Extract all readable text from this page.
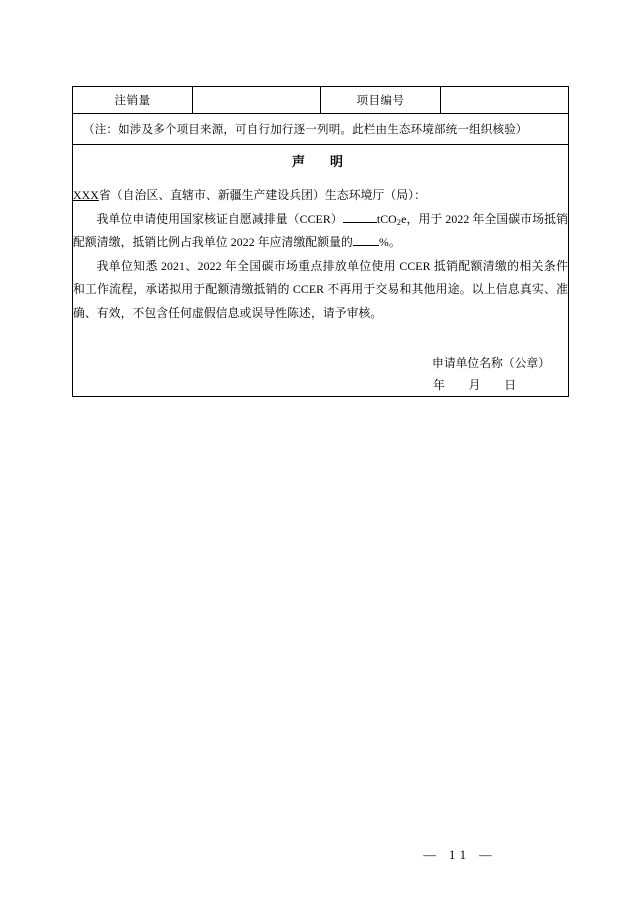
注销量		项目编号	
（注：如涉及多个项目来源，可自行加行逐一列明。此栏由生态环境部统一组织核验）

声　明
XXX省（自治区、直辖市、新疆生产建设兵团）生态环境厅（局）：

我单位申请使用国家核证自愿减排量（CCER）	tCO$_2$e，用于 2022 年全国碳市场抵销配额清缴，抵销比例占我单位 2022 年应清缴配额量的 %。

我单位知悉 2021、2022 年全国碳市场重点排放单位使用 CCER 抵销配额清缴的相关条件和工作流程，承诺拟用于配额清缴抵销的 CCER 不再用于交易和其他用途。以上信息真实、准确、有效，不包含任何虚假信息或误导性陈述，请予审核。

申请单位名称（公章）
年　月　日
— 11 —
